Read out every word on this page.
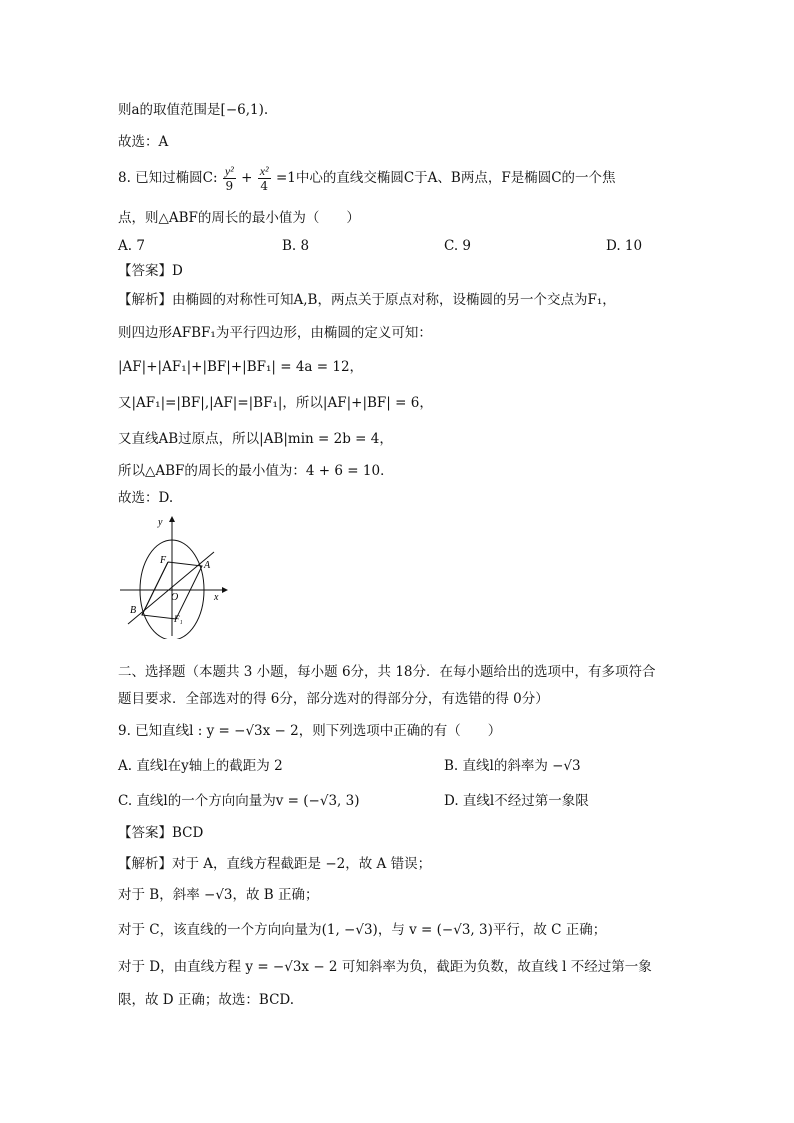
则a的取值范围是[−6,1).
故选：A
8. 已知过椭圆C: $\frac{\text{y²}}{9} + \frac{\text{x²}}{4} =1$中心的直线交椭圆C于A、B两点，F是椭圆C的一个焦
点，则△ABF的周长的最小值为（　　）
A. 7	B. 8	C. 9	D. 10
【答案】D
【解析】由椭圆的对称性可知A,B，两点关于原点对称，设椭圆的另一个交点为F₁，
则四边形AFBF₁为平行四边形，由椭圆的定义可知：
|AF|+|AF₁|+|BF|+|BF₁| = 4a = 12，
又|AF₁|=|BF|,|AF|=|BF₁|，所以|AF|+|BF| = 6，
又直线AB过原点，所以|AB|min = 2b = 4，
所以△ABF的周长的最小值为：4 + 6 = 10．
故选：D.
y
x
O
A
B
F
F₁
二、选择题（本题共 3 小题，每小题 6分，共 18分．在每小题给出的选项中，有多项符合
题目要求．全部选对的得 6分，部分选对的得部分分，有选错的得 0分）
9. 已知直线l : y = −√3x − 2，则下列选项中正确的有（　　）
A. 直线l在y轴上的截距为 2	B. 直线l的斜率为 −√3
C. 直线l的一个方向向量为v = (−√3, 3)	D. 直线l不经过第一象限
【答案】BCD
【解析】对于 A，直线方程截距是 −2，故 A 错误；
对于 B，斜率 −√3，故 B 正确；
对于 C，该直线的一个方向向量为(1, −√3)，与 v = (−√3, 3)平行，故 C 正确；
对于 D，由直线方程 y = −√3x − 2 可知斜率为负，截距为负数，故直线 l 不经过第一象
限，故 D 正确；故选：BCD.
